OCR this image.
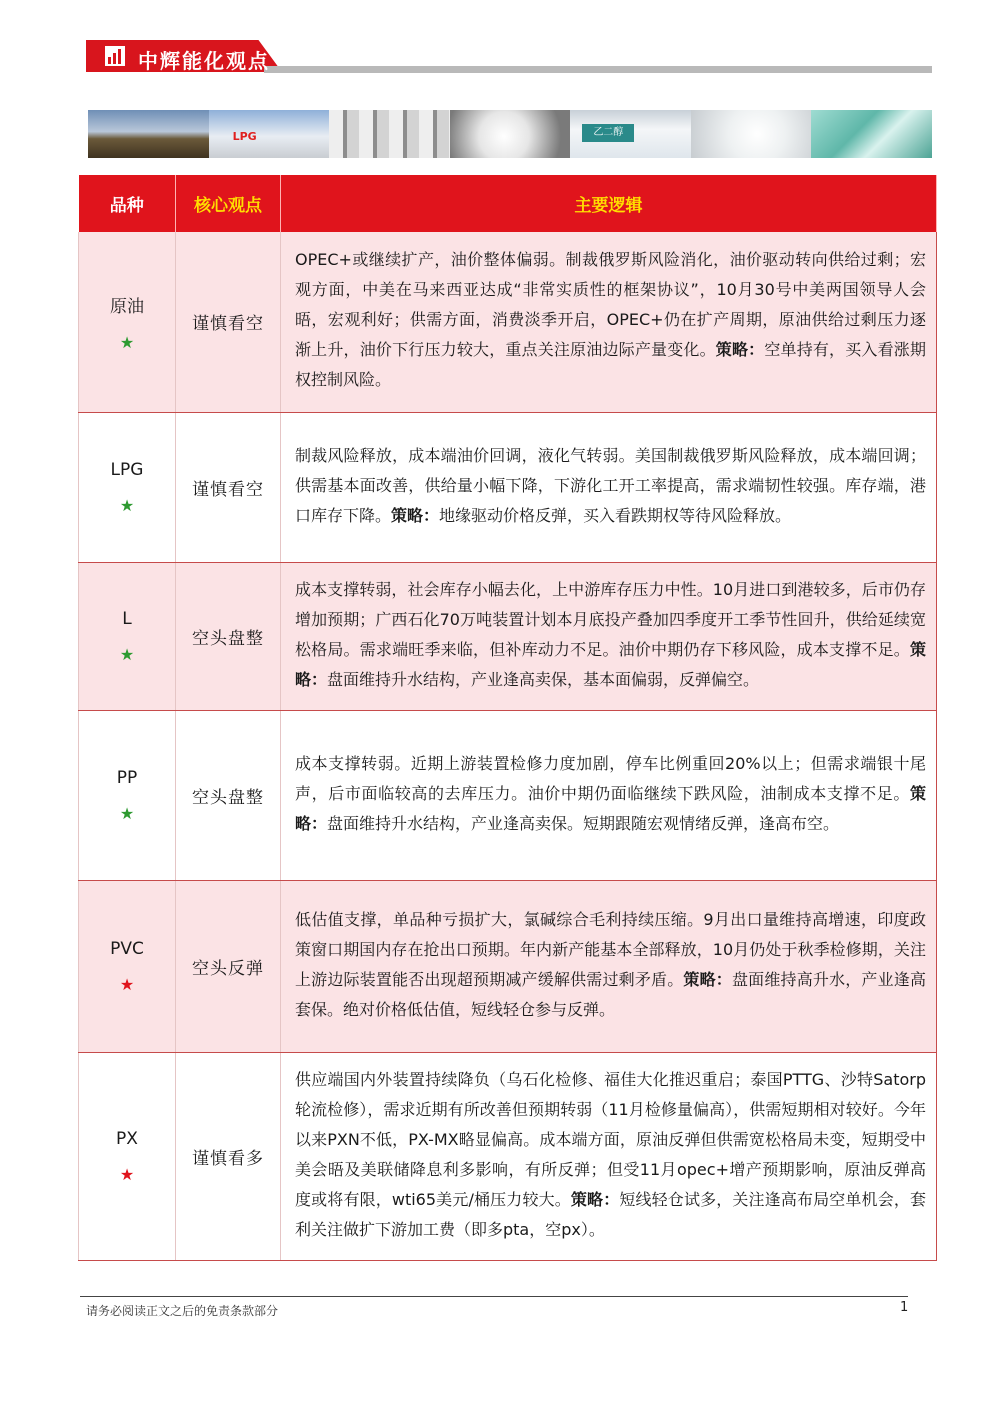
中辉能化观点
LPG	乙二醇
品种	核心观点	主要逻辑

原油
★	谨慎看空	OPEC+或继续扩产，油价整体偏弱。制裁俄罗斯风险消化，油价驱动转向供给过剩；宏观方面，中美在马来西亚达成“非常实质性的框架协议”，10月30号中美两国领导人会晤，宏观利好；供需方面，消费淡季开启，OPEC+仍在扩产周期，原油供给过剩压力逐渐上升，油价下行压力较大，重点关注原油边际产量变化。策略：空单持有，买入看涨期权控制风险。

LPG
★	谨慎看空	制裁风险释放，成本端油价回调，液化气转弱。美国制裁俄罗斯风险释放，成本端回调；供需基本面改善，供给量小幅下降，下游化工开工率提高，需求端韧性较强。库存端，港口库存下降。策略：地缘驱动价格反弹，买入看跌期权等待风险释放。

L
★	空头盘整	成本支撑转弱，社会库存小幅去化，上中游库存压力中性。10月进口到港较多，后市仍存增加预期；广西石化70万吨装置计划本月底投产叠加四季度开工季节性回升，供给延续宽松格局。需求端旺季来临，但补库动力不足。油价中期仍存下移风险，成本支撑不足。策略：盘面维持升水结构，产业逢高卖保，基本面偏弱，反弹偏空。

PP
★	空头盘整	成本支撑转弱。近期上游装置检修力度加剧，停车比例重回20%以上；但需求端银十尾声，后市面临较高的去库压力。油价中期仍面临继续下跌风险，油制成本支撑不足。策略：盘面维持升水结构，产业逢高卖保。短期跟随宏观情绪反弹，逢高布空。

PVC
★	空头反弹	低估值支撑，单品种亏损扩大，氯碱综合毛利持续压缩。9月出口量维持高增速，印度政策窗口期国内存在抢出口预期。年内新产能基本全部释放，10月仍处于秋季检修期，关注上游边际装置能否出现超预期减产缓解供需过剩矛盾。策略：盘面维持高升水，产业逢高套保。绝对价格低估值，短线轻仓参与反弹。

PX
★	谨慎看多	供应端国内外装置持续降负（乌石化检修、福佳大化推迟重启；泰国PTTG、沙特Satorp轮流检修），需求近期有所改善但预期转弱（11月检修量偏高），供需短期相对较好。今年以来PXN不低，PX-MX略显偏高。成本端方面，原油反弹但供需宽松格局未变，短期受中美会晤及美联储降息利多影响，有所反弹；但受11月opec+增产预期影响，原油反弹高度或将有限，wti65美元/桶压力较大。策略：短线轻仓试多，关注逢高布局空单机会，套利关注做扩下游加工费（即多pta，空px）。
请务必阅读正文之后的免责条款部分	1
